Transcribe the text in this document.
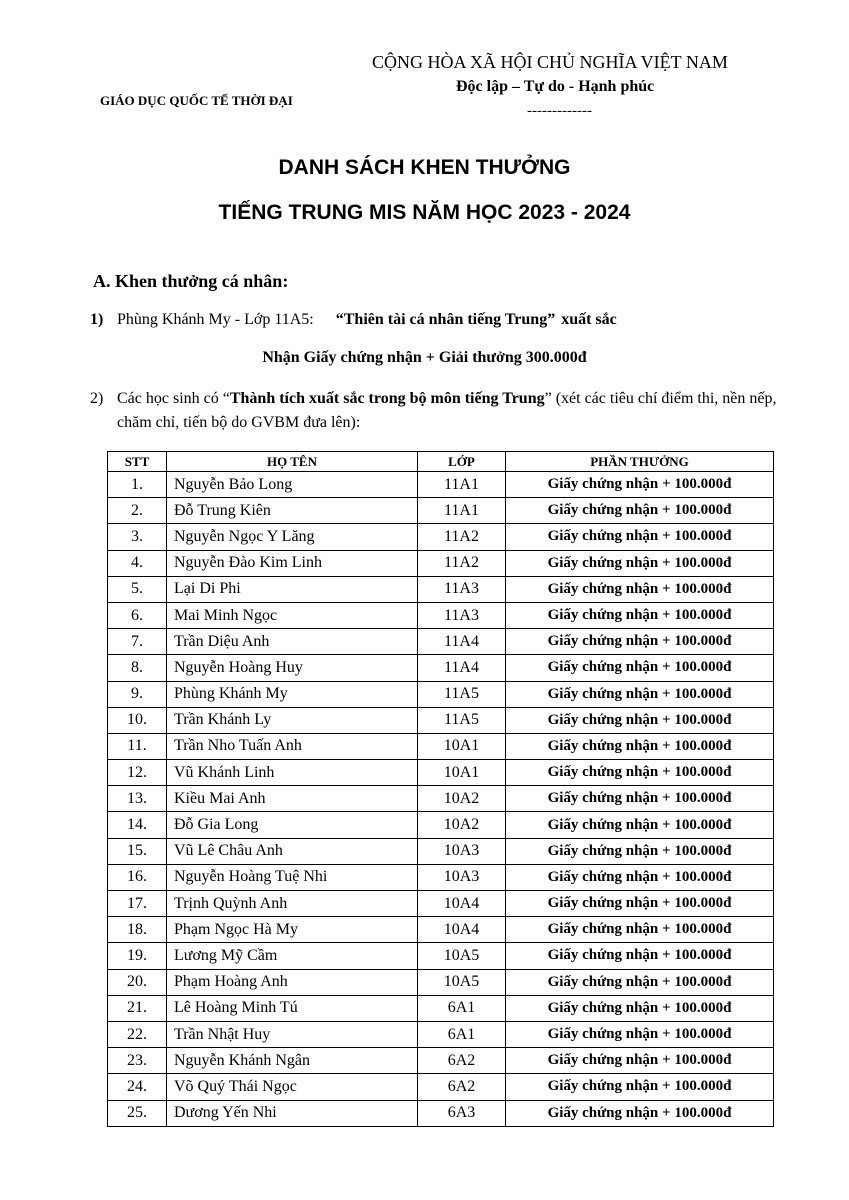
GIÁO DỤC QUỐC TẾ THỜI ĐẠI
CỘNG HÒA XÃ HỘI CHỦ NGHĨA VIỆT NAM
Độc lập – Tự do - Hạnh phúc
-------------
DANH SÁCH KHEN THƯỞNG
TIẾNG TRUNG MIS NĂM HỌC 2023 - 2024
A. Khen thưởng cá nhân:
1) Phùng Khánh My - Lớp 11A5: “Thiên tài cá nhân tiếng Trung” xuất sắc
Nhận Giấy chứng nhận + Giải thưởng 300.000đ
2) Các học sinh có “Thành tích xuất sắc trong bộ môn tiếng Trung” (xét các tiêu chí điểm thi, nền nếp, chăm chỉ, tiến bộ do GVBM đưa lên):
STT	HỌ TÊN	LỚP	PHẦN THƯỞNG
1.	Nguyễn Bảo Long	11A1	Giấy chứng nhận + 100.000đ
2.	Đỗ Trung Kiên	11A1	Giấy chứng nhận + 100.000đ
3.	Nguyễn Ngọc Y Lăng	11A2	Giấy chứng nhận + 100.000đ
4.	Nguyễn Đào Kim Linh	11A2	Giấy chứng nhận + 100.000đ
5.	Lại Di Phi	11A3	Giấy chứng nhận + 100.000đ
6.	Mai Minh Ngọc	11A3	Giấy chứng nhận + 100.000đ
7.	Trần Diệu Anh	11A4	Giấy chứng nhận + 100.000đ
8.	Nguyễn Hoàng Huy	11A4	Giấy chứng nhận + 100.000đ
9.	Phùng Khánh My	11A5	Giấy chứng nhận + 100.000đ
10.	Trần Khánh Ly	11A5	Giấy chứng nhận + 100.000đ
11.	Trần Nho Tuấn Anh	10A1	Giấy chứng nhận + 100.000đ
12.	Vũ Khánh Linh	10A1	Giấy chứng nhận + 100.000đ
13.	Kiều Mai Anh	10A2	Giấy chứng nhận + 100.000đ
14.	Đỗ Gia Long	10A2	Giấy chứng nhận + 100.000đ
15.	Vũ Lê Châu Anh	10A3	Giấy chứng nhận + 100.000đ
16.	Nguyễn Hoàng Tuệ Nhi	10A3	Giấy chứng nhận + 100.000đ
17.	Trịnh Quỳnh Anh	10A4	Giấy chứng nhận + 100.000đ
18.	Phạm Ngọc Hà My	10A4	Giấy chứng nhận + 100.000đ
19.	Lương Mỹ Cầm	10A5	Giấy chứng nhận + 100.000đ
20.	Phạm Hoàng Anh	10A5	Giấy chứng nhận + 100.000đ
21.	Lê Hoàng Minh Tú	6A1	Giấy chứng nhận + 100.000đ
22.	Trần Nhật Huy	6A1	Giấy chứng nhận + 100.000đ
23.	Nguyễn Khánh Ngân	6A2	Giấy chứng nhận + 100.000đ
24.	Võ Quý Thái Ngọc	6A2	Giấy chứng nhận + 100.000đ
25.	Dương Yến Nhi	6A3	Giấy chứng nhận + 100.000đ
